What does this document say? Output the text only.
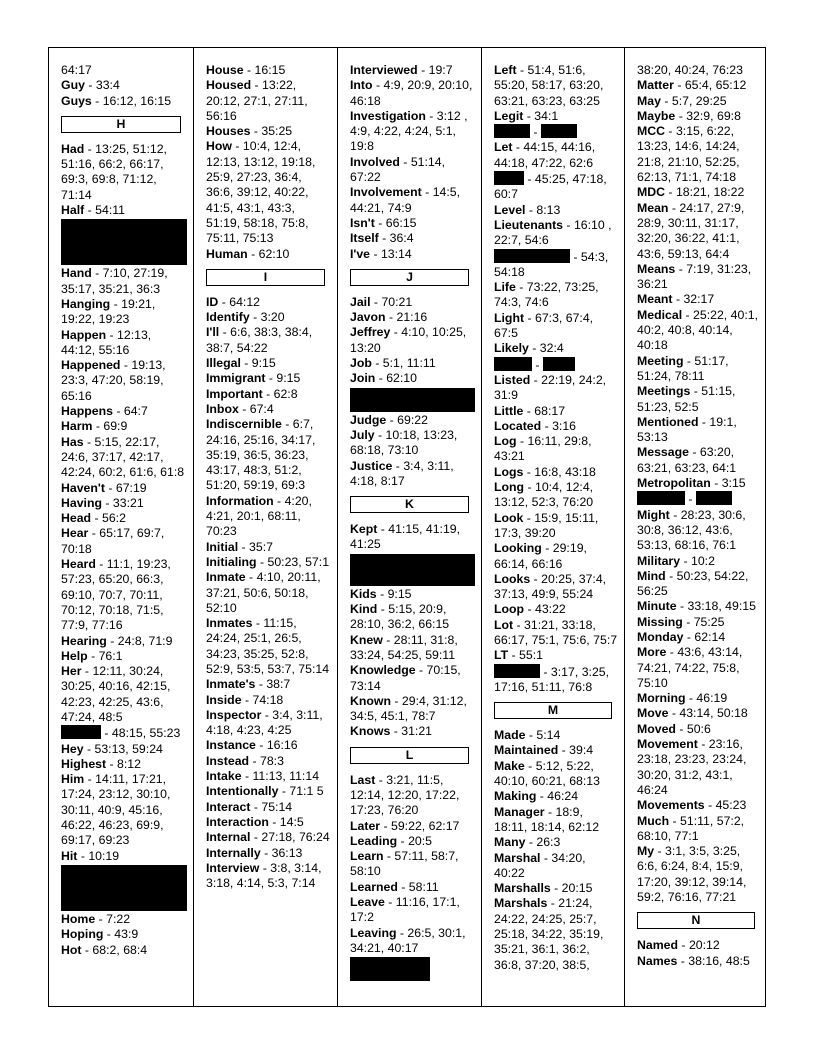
64:17
Guy - 33:4
Guys - 16:12, 16:15
H
Had - 13:25, 51:12, 51:16, 66:2, 66:17, 69:3, 69:8, 71:12, 71:14
Half - 54:11
Hand - 7:10, 27:19, 35:17, 35:21, 36:3
Hanging - 19:21, 19:22, 19:23
Happen - 12:13, 44:12, 55:16
Happened - 19:13, 23:3, 47:20, 58:19, 65:16
Happens - 64:7
Harm - 69:9
Has - 5:15, 22:17, 24:6, 37:17, 42:17, 42:24, 60:2, 61:6, 61:8
Haven't - 67:19
Having - 33:21
Head - 56:2
Hear - 65:17, 69:7, 70:18
Heard - 11:1, 19:23, 57:23, 65:20, 66:3, 69:10, 70:7, 70:11, 70:12, 70:18, 71:5, 77:9, 77:16
Hearing - 24:8, 71:9
Help - 76:1
Her - 12:11, 30:24, 30:25, 40:16, 42:15, 42:23, 42:25, 43:6, 47:24, 48:5
- 48:15, 55:23
Hey - 53:13, 59:24
Highest - 8:12
Him - 14:11, 17:21, 17:24, 23:12, 30:10, 30:11, 40:9, 45:16, 46:22, 46:23, 69:9, 69:17, 69:23
Hit - 10:19
Home - 7:22
Hoping - 43:9
Hot - 68:2, 68:4
House - 16:15
Housed - 13:22, 20:12, 27:1, 27:11, 56:16
Houses - 35:25
How - 10:4, 12:4, 12:13, 13:12, 19:18, 25:9, 27:23, 36:4, 36:6, 39:12, 40:22, 41:5, 43:1, 43:3, 51:19, 58:18, 75:8, 75:11, 75:13
Human - 62:10
I
ID - 64:12
Identify - 3:20
I'll - 6:6, 38:3, 38:4, 38:7, 54:22
Illegal - 9:15
Immigrant - 9:15
Important - 62:8
Inbox - 67:4
Indiscernible - 6:7, 24:16, 25:16, 34:17, 35:19, 36:5, 36:23, 43:17, 48:3, 51:2, 51:20, 59:19, 69:3
Information - 4:20, 4:21, 20:1, 68:11, 70:23
Initial - 35:7
Initialing - 50:23, 57:1
Inmate - 4:10, 20:11, 37:21, 50:6, 50:18, 52:10
Inmates - 11:15, 24:24, 25:1, 26:5, 34:23, 35:25, 52:8, 52:9, 53:5, 53:7, 75:14
Inmate's - 38:7
Inside - 74:18
Inspector - 3:4, 3:11, 4:18, 4:23, 4:25
Instance - 16:16
Instead - 78:3
Intake - 11:13, 11:14
Intentionally - 71:1 5
Interact - 75:14
Interaction - 14:5
Internal - 27:18, 76:24
Internally - 36:13
Interview - 3:8, 3:14, 3:18, 4:14, 5:3, 7:14
Interviewed - 19:7
Into - 4:9, 20:9, 20:10, 46:18
Investigation - 3:12 , 4:9, 4:22, 4:24, 5:1, 19:8
Involved - 51:14, 67:22
Involvement - 14:5, 44:21, 74:9
Isn't - 66:15
Itself - 36:4
I've - 13:14
J
Jail - 70:21
Javon - 21:16
Jeffrey - 4:10, 10:25, 13:20
Job - 5:1, 11:11
Join - 62:10
Judge - 69:22
July - 10:18, 13:23, 68:18, 73:10
Justice - 3:4, 3:11, 4:18, 8:17
K
Kept - 41:15, 41:19, 41:25
Kids - 9:15
Kind - 5:15, 20:9, 28:10, 36:2, 66:15
Knew - 28:11, 31:8, 33:24, 54:25, 59:11
Knowledge - 70:15, 73:14
Known - 29:4, 31:12, 34:5, 45:1, 78:7
Knows - 31:21
L
Last - 3:21, 11:5, 12:14, 12:20, 17:22, 17:23, 76:20
Later - 59:22, 62:17
Leading - 20:5
Learn - 57:11, 58:7, 58:10
Learned - 58:11
Leave - 11:16, 17:1, 17:2
Leaving - 26:5, 30:1, 34:21, 40:17
Left - 51:4, 51:6, 55:20, 58:17, 63:20, 63:21, 63:23, 63:25
Legit - 34:1
-
Let - 44:15, 44:16, 44:18, 47:22, 62:6
- 45:25, 47:18, 60:7
Level - 8:13
Lieutenants - 16:10 , 22:7, 54:6
- 54:3, 54:18
Life - 73:22, 73:25, 74:3, 74:6
Light - 67:3, 67:4, 67:5
Likely - 32:4
-
Listed - 22:19, 24:2, 31:9
Little - 68:17
Located - 3:16
Log - 16:11, 29:8, 43:21
Logs - 16:8, 43:18
Long - 10:4, 12:4, 13:12, 52:3, 76:20
Look - 15:9, 15:11, 17:3, 39:20
Looking - 29:19, 66:14, 66:16
Looks - 20:25, 37:4, 37:13, 49:9, 55:24
Loop - 43:22
Lot - 31:21, 33:18, 66:17, 75:1, 75:6, 75:7
LT - 55:1
- 3:17, 3:25, 17:16, 51:11, 76:8
M
Made - 5:14
Maintained - 39:4
Make - 5:12, 5:22, 40:10, 60:21, 68:13
Making - 46:24
Manager - 18:9, 18:11, 18:14, 62:12
Many - 26:3
Marshal - 34:20, 40:22
Marshalls - 20:15
Marshals - 21:24, 24:22, 24:25, 25:7, 25:18, 34:22, 35:19, 35:21, 36:1, 36:2, 36:8, 37:20, 38:5,
38:20, 40:24, 76:23
Matter - 65:4, 65:12
May - 5:7, 29:25
Maybe - 32:9, 69:8
MCC - 3:15, 6:22, 13:23, 14:6, 14:24, 21:8, 21:10, 52:25, 62:13, 71:1, 74:18
MDC - 18:21, 18:22
Mean - 24:17, 27:9, 28:9, 30:11, 31:17, 32:20, 36:22, 41:1, 43:6, 59:13, 64:4
Means - 7:19, 31:23, 36:21
Meant - 32:17
Medical - 25:22, 40:1, 40:2, 40:8, 40:14, 40:18
Meeting - 51:17, 51:24, 78:11
Meetings - 51:15, 51:23, 52:5
Mentioned - 19:1, 53:13
Message - 63:20, 63:21, 63:23, 64:1
Metropolitan - 3:15
-
Might - 28:23, 30:6, 30:8, 36:12, 43:6, 53:13, 68:16, 76:1
Military - 10:2
Mind - 50:23, 54:22, 56:25
Minute - 33:18, 49:15
Missing - 75:25
Monday - 62:14
More - 43:6, 43:14, 74:21, 74:22, 75:8, 75:10
Morning - 46:19
Move - 43:14, 50:18
Moved - 50:6
Movement - 23:16, 23:18, 23:23, 23:24, 30:20, 31:2, 43:1, 46:24
Movements - 45:23
Much - 51:11, 57:2, 68:10, 77:1
My - 3:1, 3:5, 3:25, 6:6, 6:24, 8:4, 15:9, 17:20, 39:12, 39:14, 59:2, 76:16, 77:21
N
Named - 20:12
Names - 38:16, 48:5
